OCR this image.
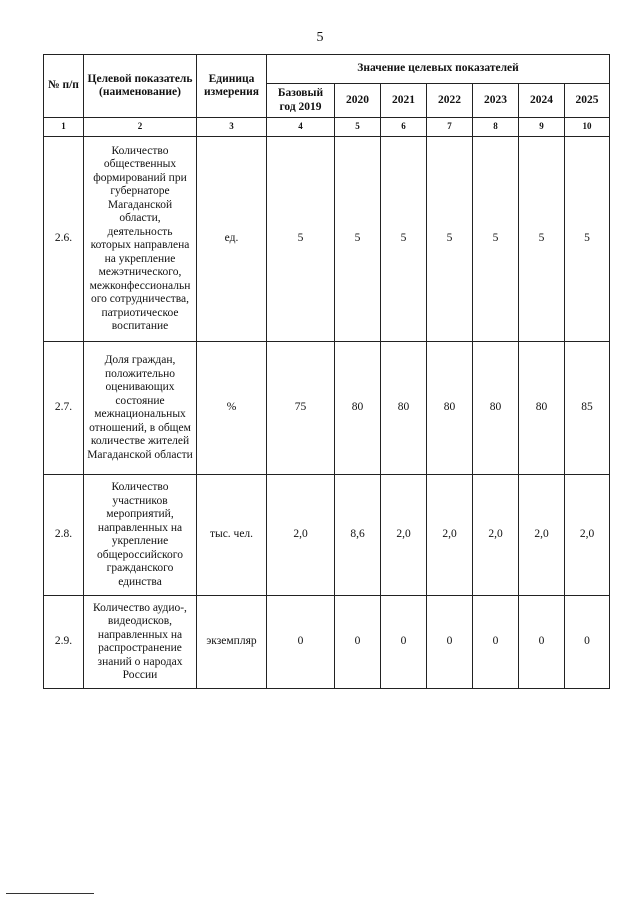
5
№ п/п	Целевой показатель (наименование)	Единица измерения	Значение целевых показателей						
			Базовый год 2019	2020	2021	2022	2023	2024	2025
1	2	3	4	5	6	7	8	9	10
2.6.	Количество общественных формирований при губернаторе Магаданской области, деятельность которых направлена на укрепление межэтнического, межконфессиональн ого сотрудничества, патриотическое воспитание	ед.	5	5	5	5	5	5	5
2.7.	Доля граждан, положительно оценивающих состояние межнациональных отношений, в общем количестве жителей Магаданской области	%	75	80	80	80	80	80	85
2.8.	Количество участников мероприятий, направленных на укрепление общероссийского гражданского единства	тыс. чел.	2,0	8,6	2,0	2,0	2,0	2,0	2,0
2.9.	Количество аудио-, видеодисков, направленных на распространение знаний о народах России	экземпляр	0	0	0	0	0	0	0
